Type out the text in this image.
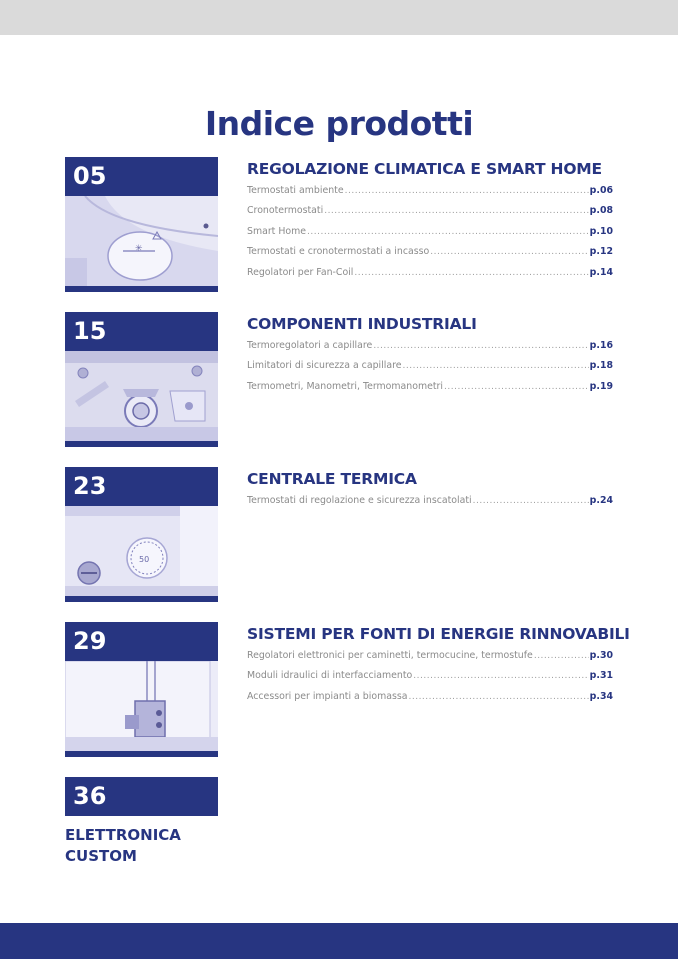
Indice prodotti
05
✳
REGOLAZIONE CLIMATICA E SMART HOME
Termostati ambiente .....	p.06
Cronotermostati .....	p.08
Smart Home .....	p.10
Termostati e cronotermostati a incasso .....	p.12
Regolatori per Fan-Coil .....	p.14
15	COMPONENTI INDUSTRIALI
Termoregolatori a capillare .....	p.16
Limitatori di sicurezza a capillare .....	p.18
Termometri, Manometri, Termomanometri .....	p.19
23
50
CENTRALE TERMICA
Termostati di regolazione e sicurezza inscatolati .....	p.24
29	SISTEMI PER FONTI DI ENERGIE RINNOVABILI
Regolatori elettronici per caminetti, termocucine, termostufe .....	p.30
Moduli idraulici di interfacciamento .....	p.31
Accessori per impianti a biomassa .....	p.34
36
ELETTRONICA
CUSTOM
